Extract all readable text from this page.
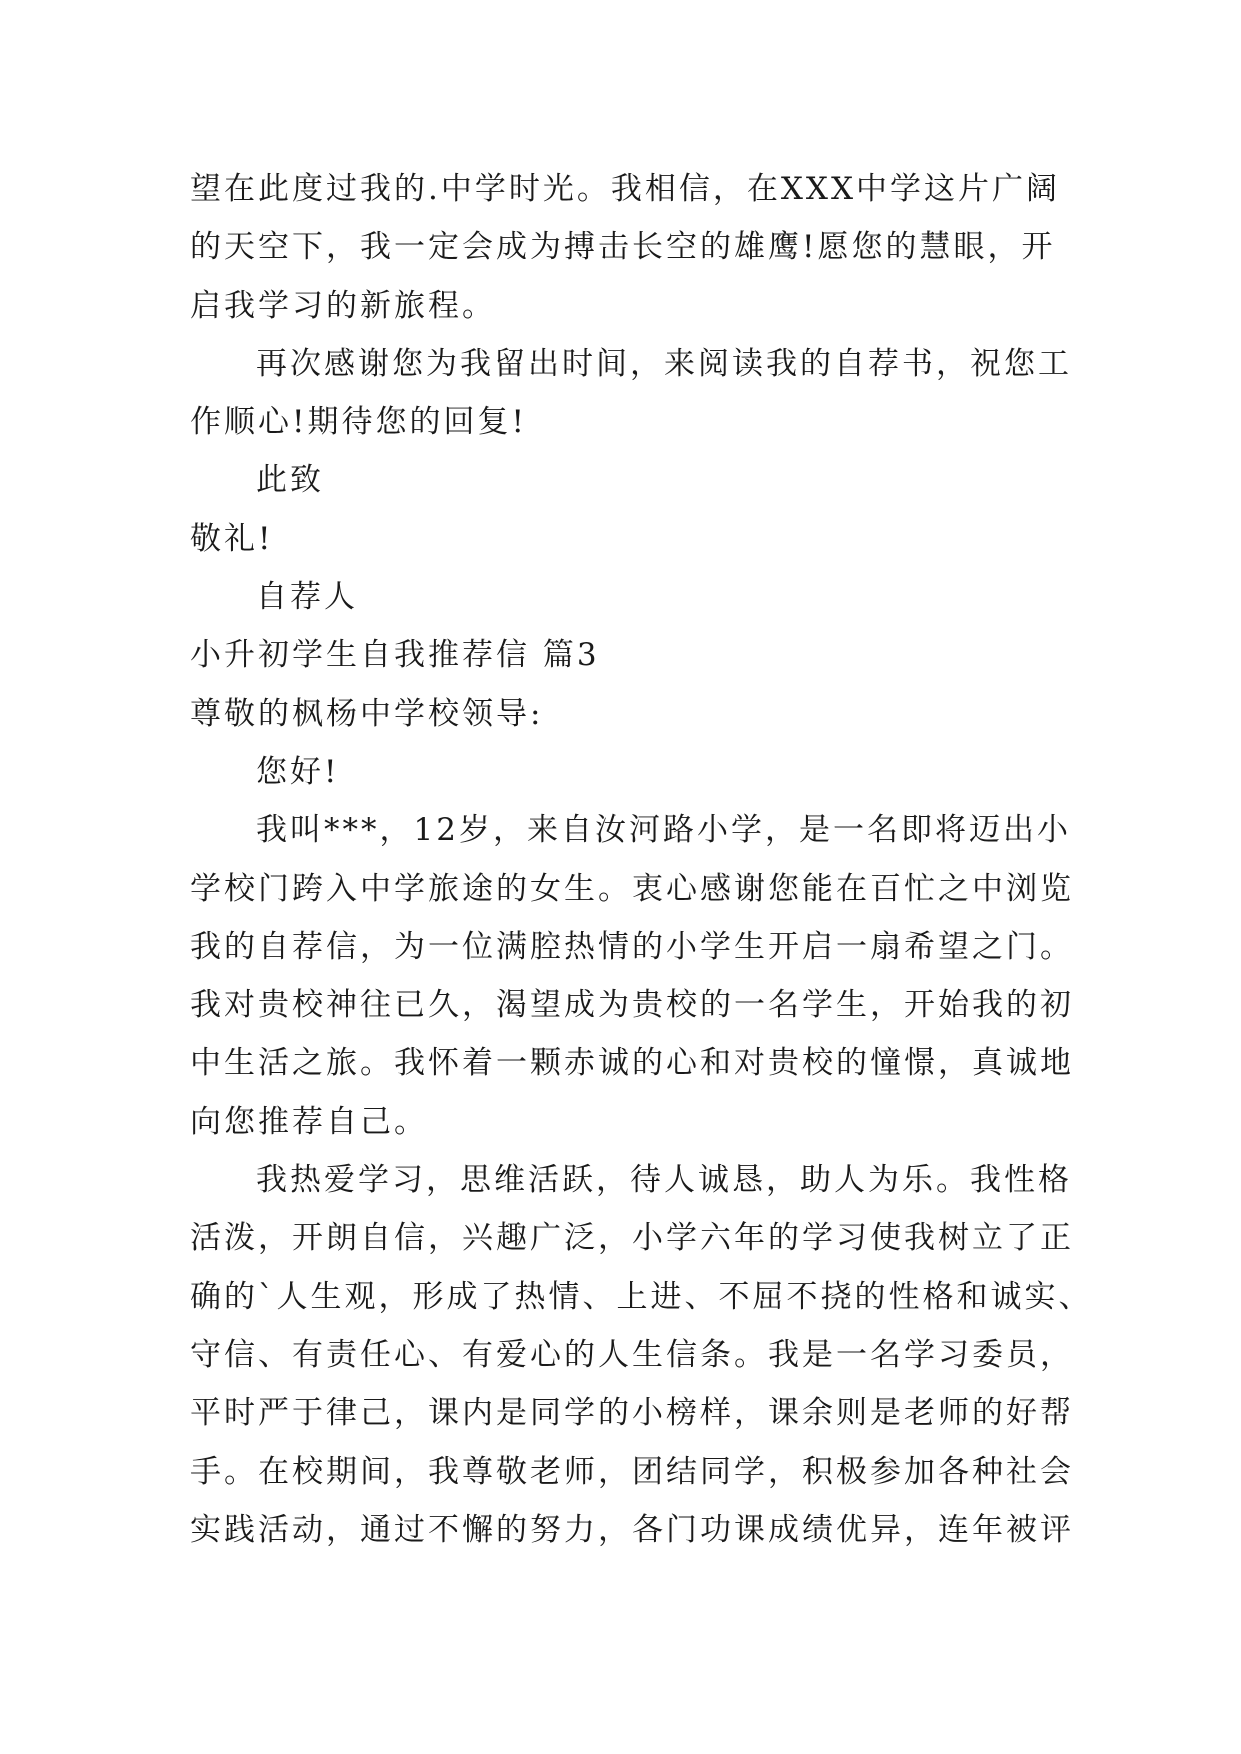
望在此度过我的.中学时光。我相信，在XXX中学这片广阔
的天空下，我一定会成为搏击长空的雄鹰!愿您的慧眼，开
启我学习的新旅程。
再次感谢您为我留出时间，来阅读我的自荐书，祝您工
作顺心!期待您的回复!
此致
敬礼!
自荐人
小升初学生自我推荐信 篇3
尊敬的枫杨中学校领导:
您好!
我叫***，12岁，来自汝河路小学，是一名即将迈出小
学校门跨入中学旅途的女生。衷心感谢您能在百忙之中浏览
我的自荐信，为一位满腔热情的小学生开启一扇希望之门。
我对贵校神往已久，渴望成为贵校的一名学生，开始我的初
中生活之旅。我怀着一颗赤诚的心和对贵校的憧憬，真诚地
向您推荐自己。
我热爱学习，思维活跃，待人诚恳，助人为乐。我性格
活泼，开朗自信，兴趣广泛，小学六年的学习使我树立了正
确的`人生观，形成了热情、上进、不屈不挠的性格和诚实、
守信、有责任心、有爱心的人生信条。我是一名学习委员，
平时严于律己，课内是同学的小榜样，课余则是老师的好帮
手。在校期间，我尊敬老师，团结同学，积极参加各种社会
实践活动，通过不懈的努力，各门功课成绩优异，连年被评
